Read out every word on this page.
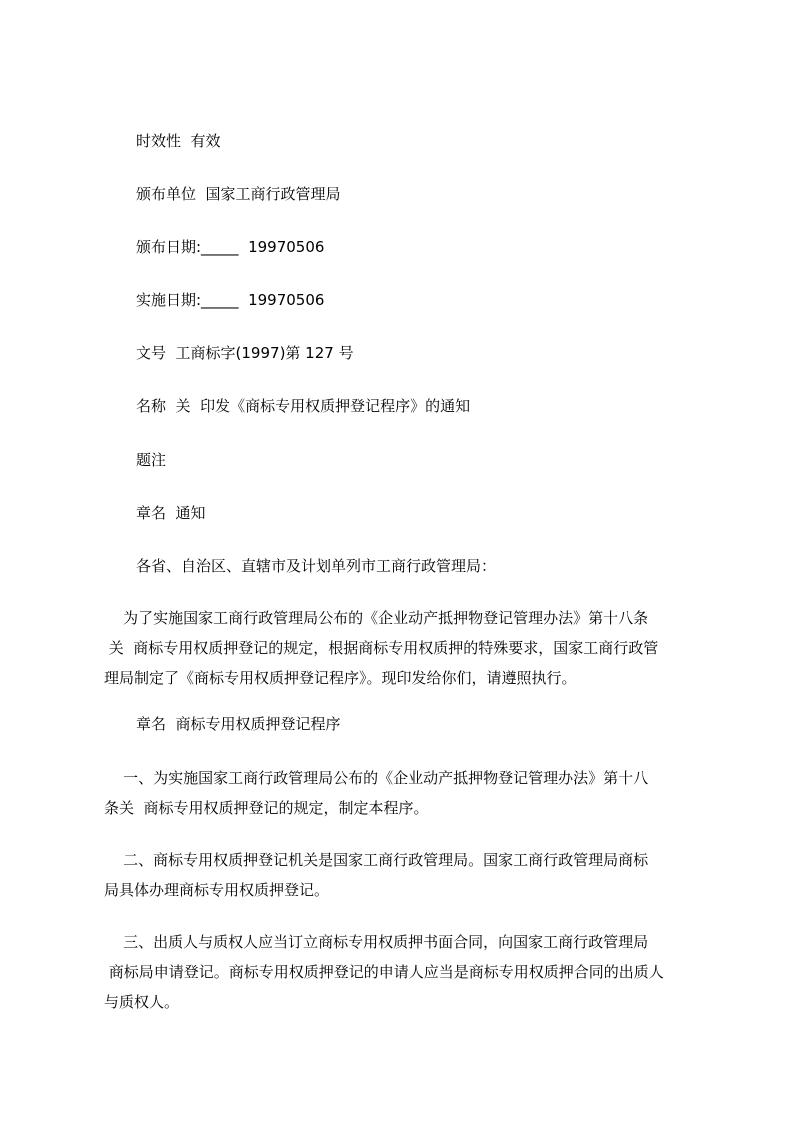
时效性  有效
颁布单位  国家工商行政管理局
颁布日期:_____  19970506
实施日期:_____  19970506
文号  工商标字(1997)第 127 号
名称  关  印发《商标专用权质押登记程序》的通知
题注
章名  通知
各省、自治区、直辖市及计划单列市工商行政管理局：
为了实施国家工商行政管理局公布的《企业动产抵押物登记管理办法》第十八条
关  商标专用权质押登记的规定，根据商标专用权质押的特殊要求，国家工商行政管
理局制定了《商标专用权质押登记程序》。现印发给你们，请遵照执行。
章名  商标专用权质押登记程序
一、为实施国家工商行政管理局公布的《企业动产抵押物登记管理办法》第十八
条关  商标专用权质押登记的规定，制定本程序。
二、商标专用权质押登记机关是国家工商行政管理局。国家工商行政管理局商标
局具体办理商标专用权质押登记。
三、出质人与质权人应当订立商标专用权质押书面合同，向国家工商行政管理局
商标局申请登记。商标专用权质押登记的申请人应当是商标专用权质押合同的出质人
与质权人。
